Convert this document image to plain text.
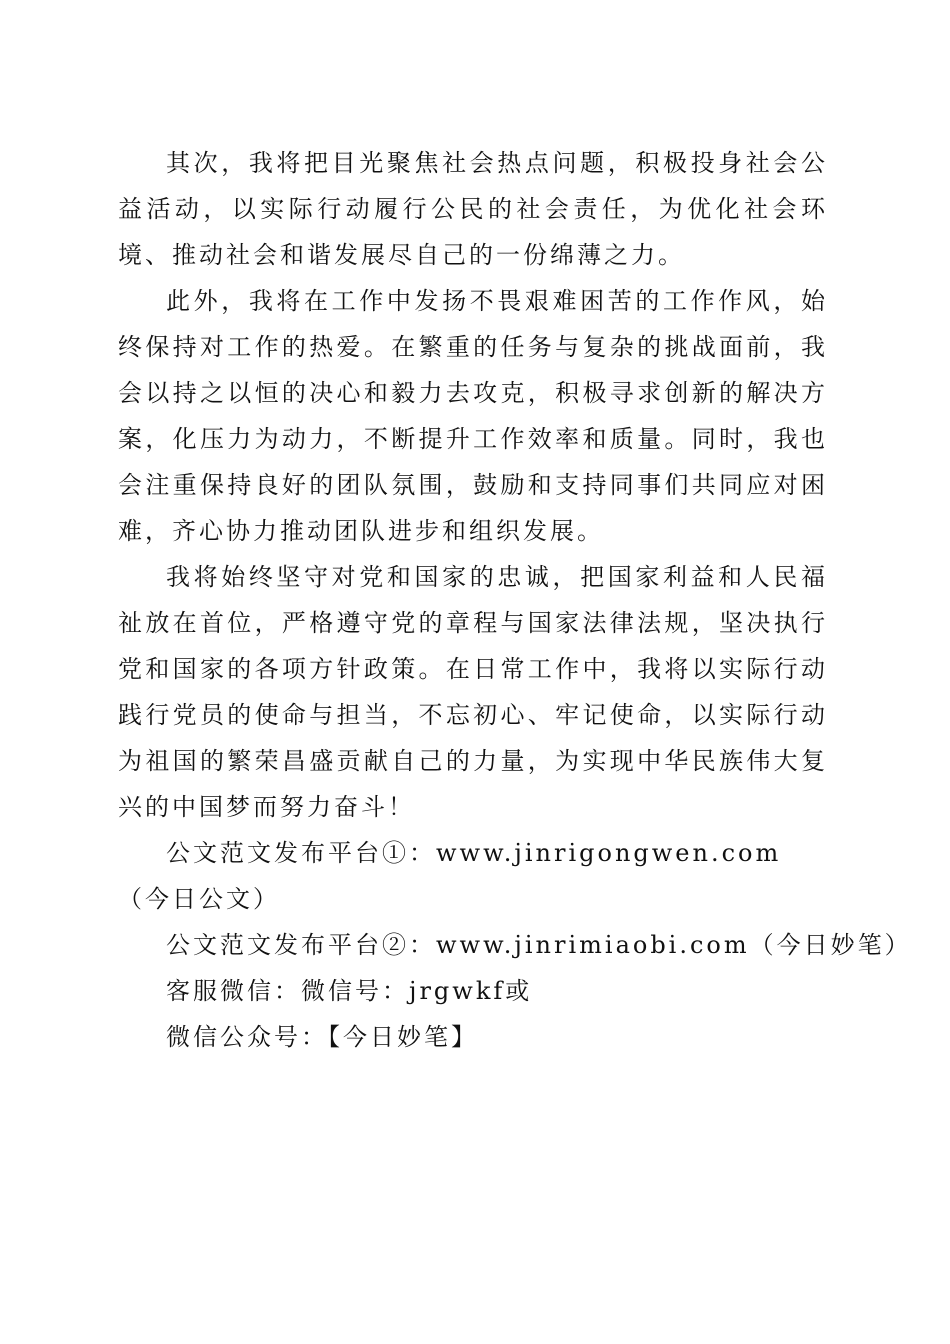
其次，我将把目光聚焦社会热点问题，积极投身社会公益活动，以实际行动履行公民的社会责任，为优化社会环境、推动社会和谐发展尽自己的一份绵薄之力。

此外，我将在工作中发扬不畏艰难困苦的工作作风，始终保持对工作的热爱。在繁重的任务与复杂的挑战面前，我会以持之以恒的决心和毅力去攻克，积极寻求创新的解决方案，化压力为动力，不断提升工作效率和质量。同时，我也会注重保持良好的团队氛围，鼓励和支持同事们共同应对困难，齐心协力推动团队进步和组织发展。

我将始终坚守对党和国家的忠诚，把国家利益和人民福祉放在首位，严格遵守党的章程与国家法律法规，坚决执行党和国家的各项方针政策。在日常工作中，我将以实际行动践行党员的使命与担当，不忘初心、牢记使命，以实际行动为祖国的繁荣昌盛贡献自己的力量，为实现中华民族伟大复兴的中国梦而努力奋斗！

公文范文发布平台①：www.jinrigongwen.com（今日公文）

公文范文发布平台②：www.jinrimiaobi.com（今日妙笔）

客服微信：微信号：jrgwkf或

微信公众号：【今日妙笔】
